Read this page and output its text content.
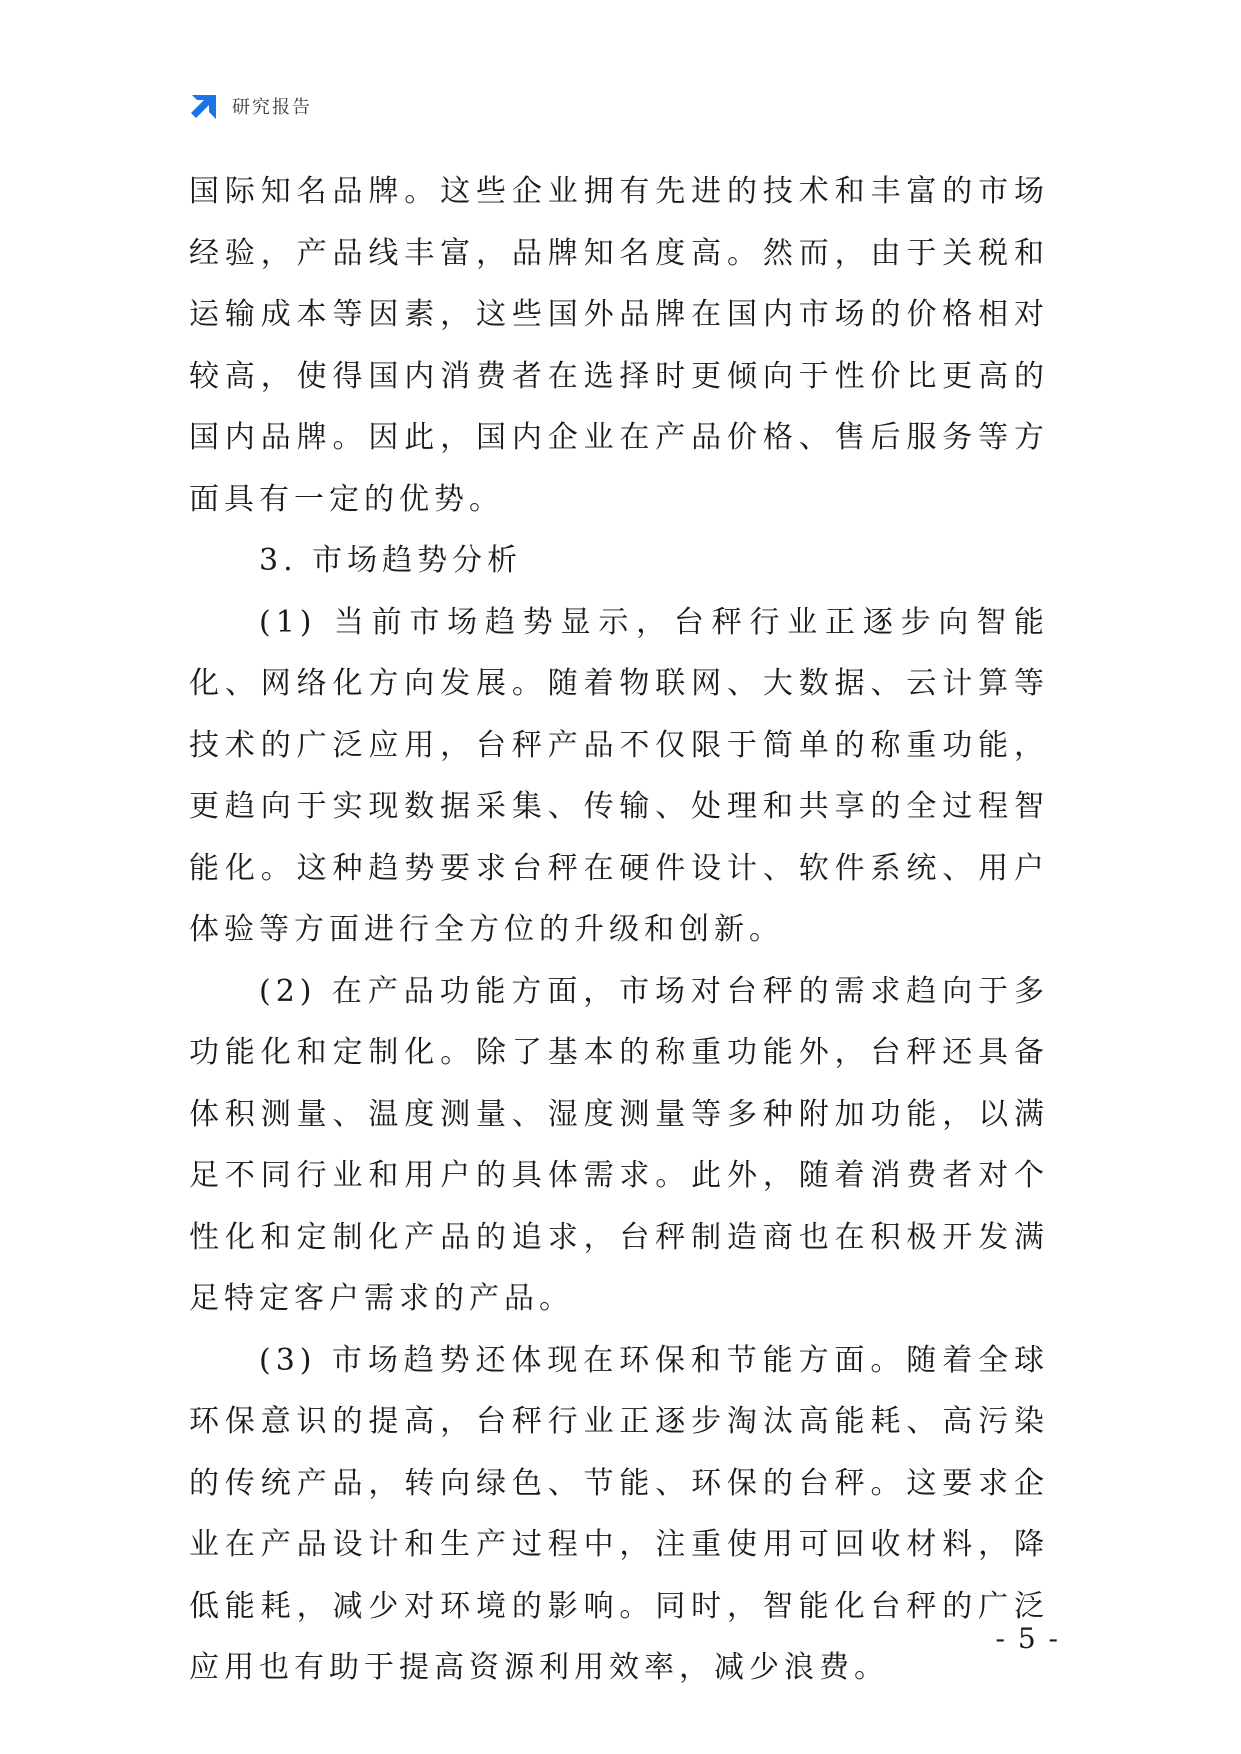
研究报告

国际知名品牌。这些企业拥有先进的技术和丰富的市场经验，产品线丰富，品牌知名度高。然而，由于关税和运输成本等因素，这些国外品牌在国内市场的价格相对较高，使得国内消费者在选择时更倾向于性价比更高的国内品牌。因此，国内企业在产品价格、售后服务等方面具有一定的优势。

3. 市场趋势分析

(1) 当前市场趋势显示，台秤行业正逐步向智能化、网络化方向发展。随着物联网、大数据、云计算等技术的广泛应用，台秤产品不仅限于简单的称重功能，更趋向于实现数据采集、传输、处理和共享的全过程智能化。这种趋势要求台秤在硬件设计、软件系统、用户体验等方面进行全方位的升级和创新。

(2) 在产品功能方面，市场对台秤的需求趋向于多功能化和定制化。除了基本的称重功能外，台秤还具备体积测量、温度测量、湿度测量等多种附加功能，以满足不同行业和用户的具体需求。此外，随着消费者对个性化和定制化产品的追求，台秤制造商也在积极开发满足特定客户需求的产品。

(3) 市场趋势还体现在环保和节能方面。随着全球环保意识的提高，台秤行业正逐步淘汰高能耗、高污染的传统产品，转向绿色、节能、环保的台秤。这要求企业在产品设计和生产过程中，注重使用可回收材料，降低能耗，减少对环境的影响。同时，智能化台秤的广泛应用也有助于提高资源利用效率，减少浪费。

- 5 -
